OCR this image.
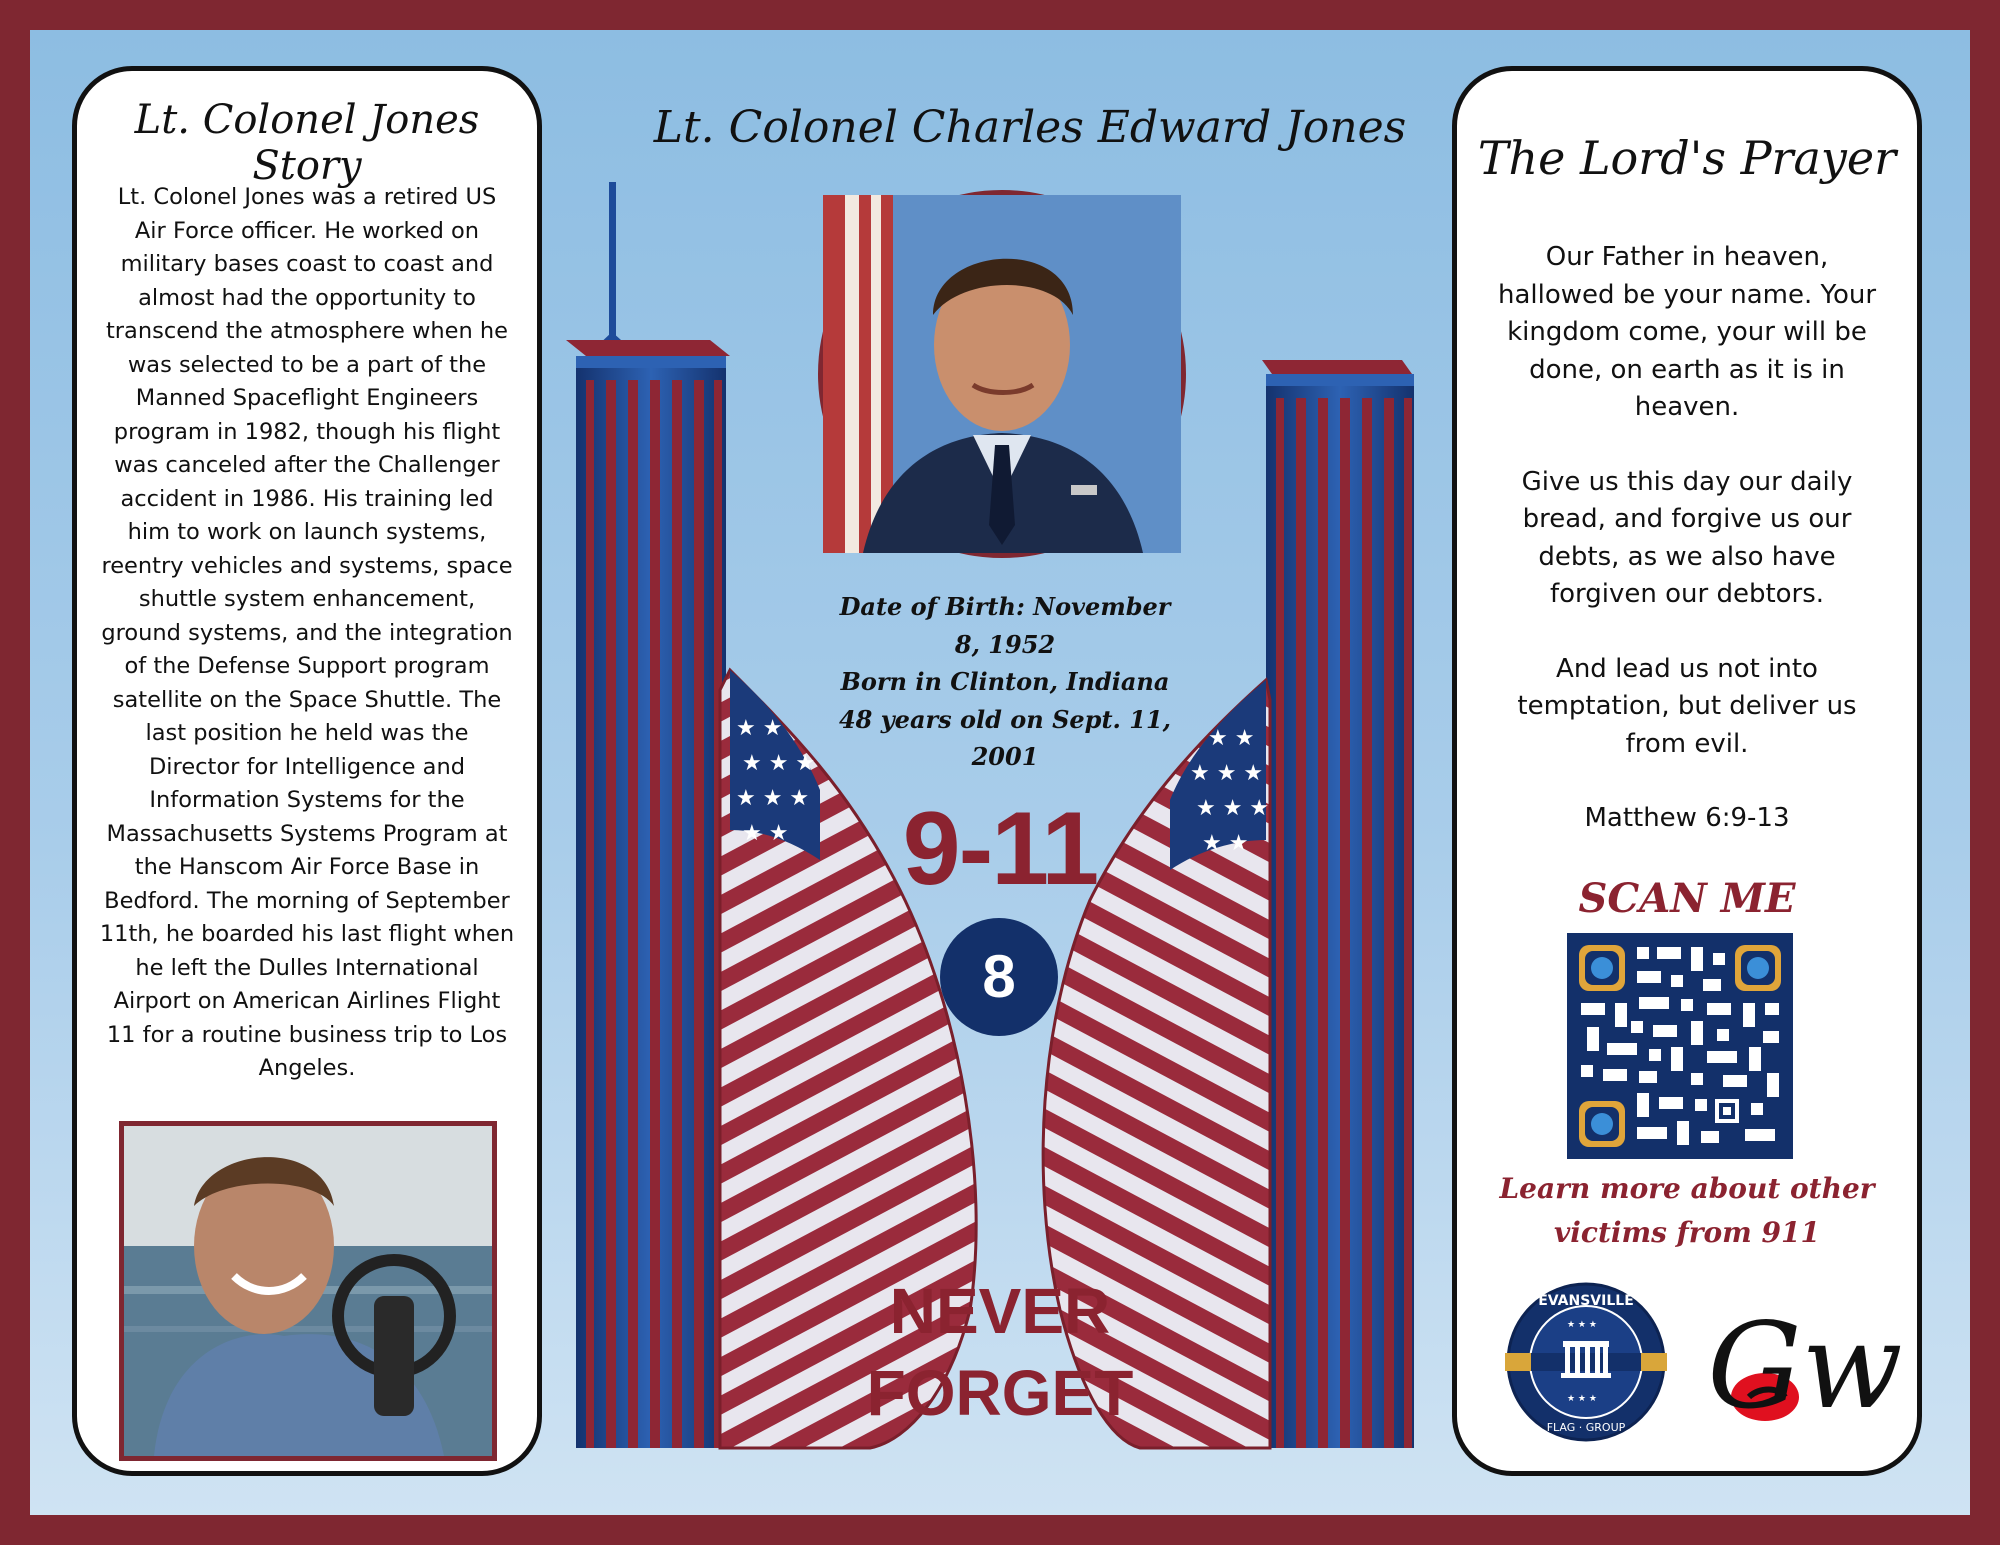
★ ★
★ ★ ★
★ ★ ★
★ ★
★ ★
★ ★ ★
★ ★ ★
★ ★
Lt. Colonel Jones Story

Lt. Colonel Jones was a retired US Air Force officer. He worked on military bases coast to coast and almost had the opportunity to transcend the atmosphere when he was selected to be a part of the Manned Spaceflight Engineers program in 1982, though his flight was canceled after the Challenger accident in 1986. His training led him to work on launch systems, reentry vehicles and systems, space shuttle system enhancement, ground systems, and the integration of the Defense Support program satellite on the Space Shuttle. The last position he held was the Director for Intelligence and Information Systems for the Massachusetts Systems Program at the Hanscom Air Force Base in Bedford. The morning of September 11th, he boarded his last flight when he left the Dulles International Airport on American Airlines Flight 11 for a routine business trip to Los Angeles.

Lt. Colonel Charles Edward Jones
Date of Birth: November 8, 1952
Born in Clinton, Indiana
48 years old on Sept. 11, 2001
9-11
8
NEVER
FORGET
The Lord's Prayer

Our Father in heaven, hallowed be your name. Your kingdom come, your will be done, on earth as it is in heaven.

Give us this day our daily bread, and forgive us our debts, as we also have forgiven our debtors.

And lead us not into temptation, but deliver us from evil.

Matthew 6:9-13

SCAN ME
Learn more about other victims from 911
★ ★ ★
★ ★ ★
EVANSVILLE
FLAG · GROUP Gw
